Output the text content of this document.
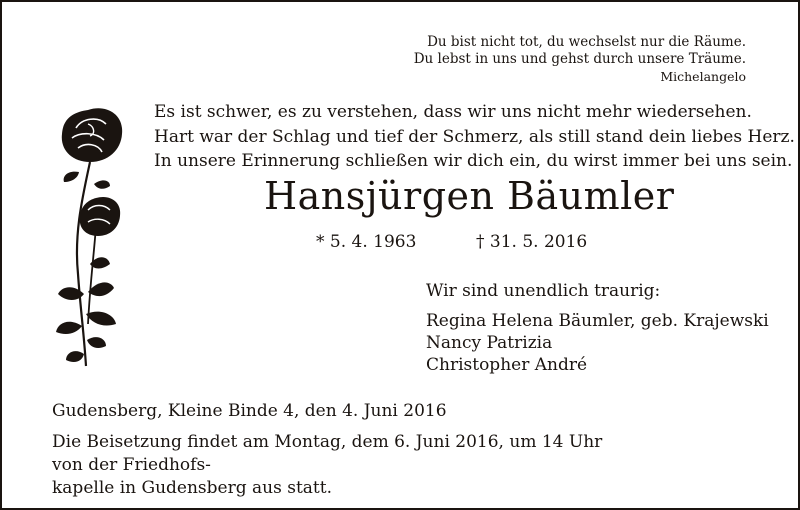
Du bist nicht tot, du wechselst nur die Räume.
Du lebst in uns und gehst durch unsere Träume.
Michelangelo
Es ist schwer, es zu verstehen, dass wir uns nicht mehr wiedersehen.
Hart war der Schlag und tief der Schmerz, als still stand dein liebes Herz.
In unsere Erinnerung schließen wir dich ein, du wirst immer bei uns sein.
Hansjürgen Bäumler
* 5. 4. 1963	† 31. 5. 2016
Wir sind unendlich traurig:
Regina Helena Bäumler, geb. Krajewski
Nancy Patrizia
Christopher André
Gudensberg, Kleine Binde 4, den 4. Juni 2016
Die Beisetzung findet am Montag, dem 6. Juni 2016, um 14 Uhr von der Friedhofs-
kapelle in Gudensberg aus statt.
